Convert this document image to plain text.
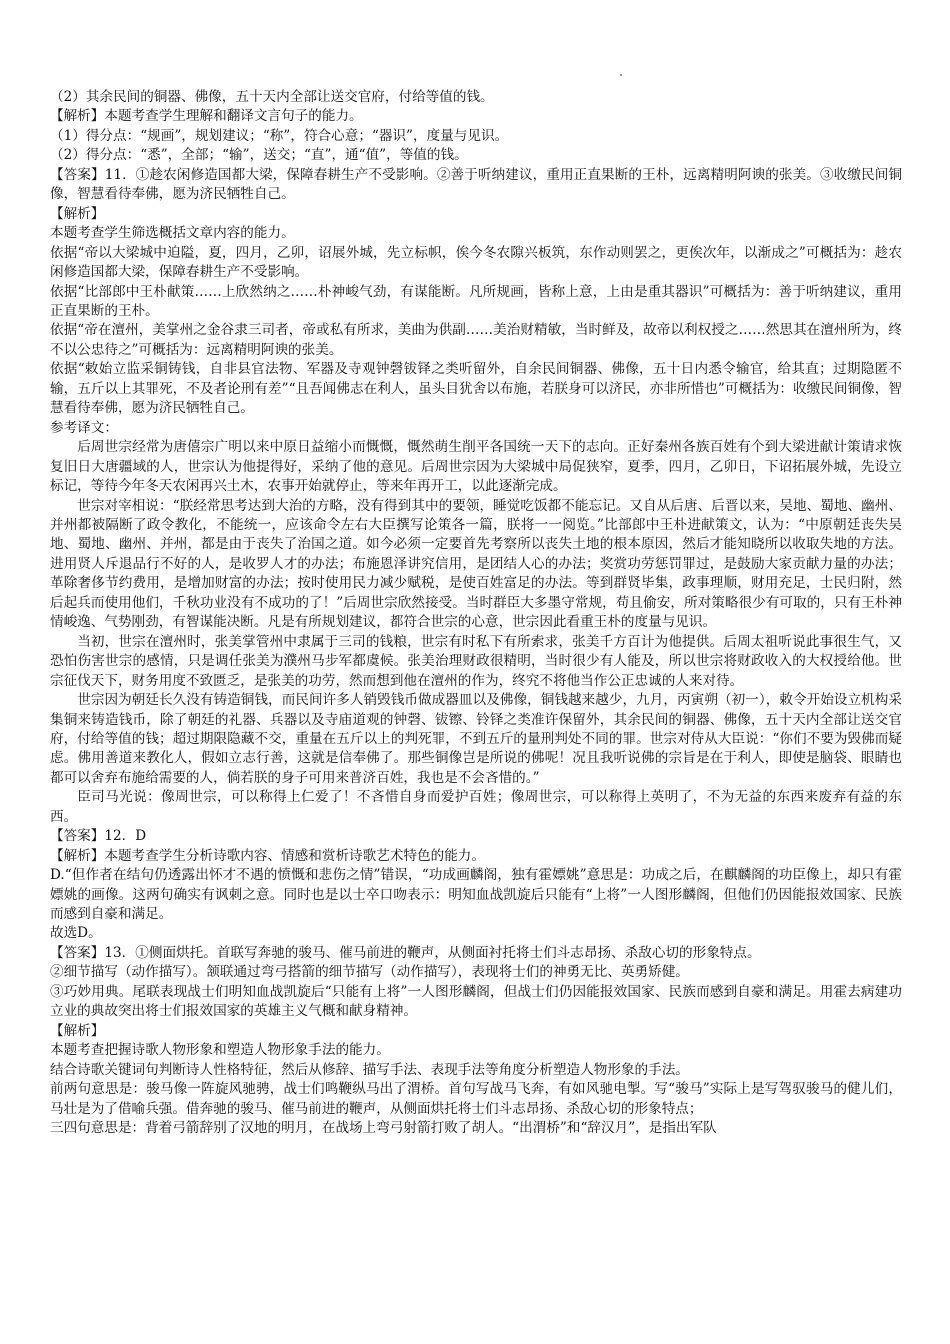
（2）其余民间的铜器、佛像，五十天内全部让送交官府，付给等值的钱。

【解析】本题考查学生理解和翻译文言句子的能力。

（1）得分点：“规画”，规划建议；“称”，符合心意；“器识”，度量与见识。

（2）得分点：“悉”，全部；“输”，送交；“直”，通“值”，等值的钱。

【答案】11．①趁农闲修造国都大梁，保障春耕生产不受影响。②善于听纳建议，重用正直果断的王朴，远离精明阿谀的张美。③收缴民间铜像，智慧看待奉佛，愿为济民牺牲自己。

【解析】

本题考查学生筛选概括文章内容的能力。

依据“帝以大梁城中迫隘，夏，四月，乙卯，诏展外城，先立标帜，俟今冬农隙兴板筑，东作动则罢之，更俟次年，以渐成之”可概括为：趁农闲修造国都大梁，保障春耕生产不受影响。

依据“比部郎中王朴献策……上欣然纳之……朴神峻气劲，有谋能断。凡所规画，皆称上意，上由是重其器识”可概括为：善于听纳建议，重用正直果断的王朴。

依据“帝在澶州，美掌州之金谷隶三司者，帝或私有所求，美曲为供副……美治财精敏，当时鲜及，故帝以利权授之……然思其在澶州所为，终不以公忠待之”可概括为：远离精明阿谀的张美。

依据“敕始立监采铜铸钱，自非县官法物、军器及寺观钟磬钹铎之类听留外，自余民间铜器、佛像，五十日内悉令输官，给其直；过期隐匿不输，五斤以上其罪死，不及者论刑有差”“且吾闻佛志在利人，虽头目犹舍以布施，若朕身可以济民，亦非所惜也”可概括为：收缴民间铜像，智慧看待奉佛，愿为济民牺牲自己。

参考译文：

后周世宗经常为唐僖宗广明以来中原日益缩小而慨慨，慨然萌生削平各国统一天下的志向。正好秦州各族百姓有个到大梁进献计策请求恢复旧日大唐疆域的人，世宗认为他提得好，采纳了他的意见。后周世宗因为大梁城中局促狭窄，夏季，四月，乙卯日，下诏拓展外城，先设立标记，等待今年冬天农闲再兴土木，农事开始就停止，等来年再开工，以此逐渐完成。

世宗对宰相说：“朕经常思考达到大治的方略，没有得到其中的要领，睡觉吃饭都不能忘记。又自从后唐、后晋以来，吴地、蜀地、幽州、并州都被隔断了政令教化，不能统一，应该命令左右大臣撰写论策各一篇，朕将一一阅览。”比部郎中王朴进献策文，认为：“中原朝廷丧失吴地、蜀地、幽州、并州，都是由于丧失了治国之道。如今必须一定要首先考察所以丧失土地的根本原因，然后才能知晓所以收取失地的方法。进用贤人斥退品行不好的人，是收罗人才的办法；布施恩泽讲究信用，是团结人心的办法；奖赏功劳惩罚罪过，是鼓励大家贡献力量的办法；革除奢侈节约费用，是增加财富的办法；按时使用民力减少赋税，是使百姓富足的办法。等到群贤毕集，政事理顺，财用充足，士民归附，然后起兵而使用他们，千秋功业没有不成功的了！”后周世宗欣然接受。当时群臣大多墨守常规，苟且偷安，所对策略很少有可取的，只有王朴神情峻逸、气势刚劲，有智谋能决断。凡是有所规划建议，都符合世宗的心意，世宗因此看重王朴的度量与见识。

当初，世宗在澶州时，张美掌管州中隶属于三司的钱粮，世宗有时私下有所索求，张美千方百计为他提供。后周太祖听说此事很生气，又恐怕伤害世宗的感情，只是调任张美为濮州马步军都虞候。张美治理财政很精明，当时很少有人能及，所以世宗将财政收入的大权授给他。世宗征伐天下，财务用度不致匮乏，是张美的功劳，然而想到他在澶州的作为，终究不将他当作公正忠诚的人来对待。

世宗因为朝廷长久没有铸造铜钱，而民间许多人销毁钱币做成器皿以及佛像，铜钱越来越少，九月，丙寅朔（初一），敕令开始设立机构采集铜来铸造钱币，除了朝廷的礼器、兵器以及寺庙道观的钟磬、钹镲、铃铎之类准许保留外，其余民间的铜器、佛像，五十天内全部让送交官府，付给等值的钱；超过期限隐藏不交，重量在五斤以上的判死罪，不到五斤的量刑判处不同的罪。世宗对侍从大臣说：“你们不要为毁佛而疑虑。佛用善道来教化人，假如立志行善，这就是信奉佛了。那些铜像岂是所说的佛呢！况且我听说佛的宗旨是在于利人，即使是脑袋、眼睛也都可以舍弃布施给需要的人，倘若朕的身子可用来普济百姓，我也是不会吝惜的。”

臣司马光说：像周世宗，可以称得上仁爱了！不吝惜自身而爱护百姓；像周世宗，可以称得上英明了，不为无益的东西来废弃有益的东西。

【答案】12．D

【解析】本题考查学生分析诗歌内容、情感和赏析诗歌艺术特色的能力。

D.“但作者在结句仍透露出怀才不遇的愤慨和悲伤之情”错误，“功成画麟阁，独有霍嫖姚”意思是：功成之后，在麒麟阁的功臣像上，却只有霍嫖姚的画像。这两句确实有讽刺之意。同时也是以士卒口吻表示：明知血战凯旋后只能有“上将”一人图形麟阁，但他们仍因能报效国家、民族而感到自豪和满足。

故选D。

【答案】13．①侧面烘托。首联写奔驰的骏马、催马前进的鞭声，从侧面衬托将士们斗志昂扬、杀敌心切的形象特点。

②细节描写（动作描写）。颔联通过弯弓搭箭的细节描写（动作描写），表现将士们的神勇无比、英勇矫健。

③巧妙用典。尾联表现战士们明知血战凯旋后“只能有上将”一人图形麟阁，但战士们仍因能报效国家、民族而感到自豪和满足。用霍去病建功立业的典故突出将士们报效国家的英雄主义气概和献身精神。

【解析】

本题考查把握诗歌人物形象和塑造人物形象手法的能力。

结合诗歌关键词句判断诗人性格特征，然后从修辞、描写手法、表现手法等角度分析塑造人物形象的手法。

前两句意思是：骏马像一阵旋风驰骋，战士们鸣鞭纵马出了渭桥。首句写战马飞奔，有如风驰电掣。写“骏马”实际上是写驾驭骏马的健儿们，马壮是为了借喻兵强。借奔驰的骏马、催马前进的鞭声，从侧面烘托将士们斗志昂扬、杀敌心切的形象特点；

三四句意思是：背着弓箭辞别了汉地的明月，在战场上弯弓射箭打败了胡人。“出渭桥”和“辞汉月”，是指出军队
